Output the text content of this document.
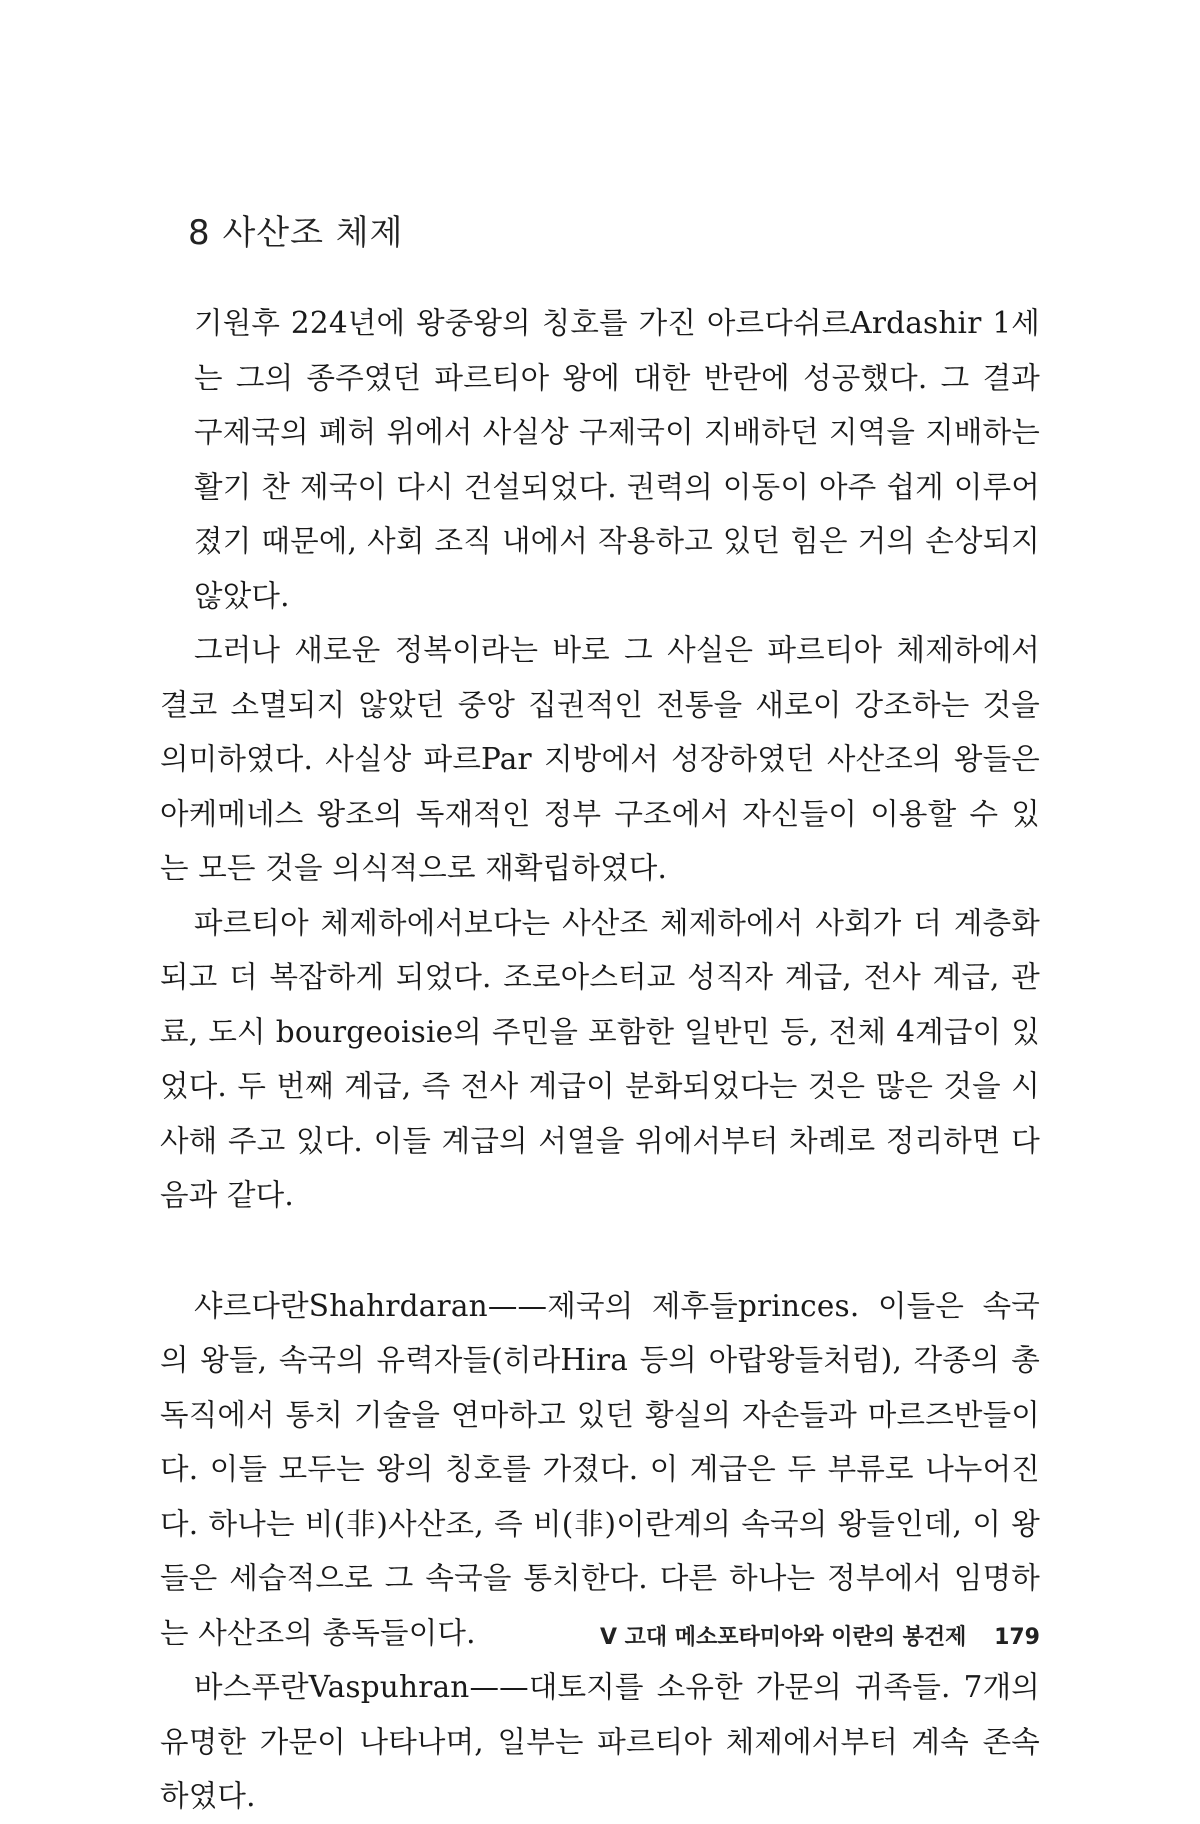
8 사산조 체제

기원후 224년에 왕중왕의 칭호를 가진 아르다쉬르Ardashir 1세는 그의 종주였던 파르티아 왕에 대한 반란에 성공했다. 그 결과 구제국의 폐허 위에서 사실상 구제국이 지배하던 지역을 지배하는 활기 찬 제국이 다시 건설되었다. 권력의 이동이 아주 쉽게 이루어졌기 때문에, 사회 조직 내에서 작용하고 있던 힘은 거의 손상되지 않았다.

그러나 새로운 정복이라는 바로 그 사실은 파르티아 체제하에서 결코 소멸되지 않았던 중앙 집권적인 전통을 새로이 강조하는 것을 의미하였다. 사실상 파르Par 지방에서 성장하였던 사산조의 왕들은 아케메네스 왕조의 독재적인 정부 구조에서 자신들이 이용할 수 있는 모든 것을 의식적으로 재확립하였다.

파르티아 체제하에서보다는 사산조 체제하에서 사회가 더 계층화되고 더 복잡하게 되었다. 조로아스터교 성직자 계급, 전사 계급, 관료, 도시 bourgeoisie의 주민을 포함한 일반민 등, 전체 4계급이 있었다. 두 번째 계급, 즉 전사 계급이 분화되었다는 것은 많은 것을 시사해 주고 있다. 이들 계급의 서열을 위에서부터 차례로 정리하면 다음과 같다.

샤르다란Shahrdaran——제국의 제후들princes. 이들은 속국의 왕들, 속국의 유력자들(히라Hira 등의 아랍왕들처럼), 각종의 총독직에서 통치 기술을 연마하고 있던 황실의 자손들과 마르즈반들이다. 이들 모두는 왕의 칭호를 가졌다. 이 계급은 두 부류로 나누어진다. 하나는 비(非)사산조, 즉 비(非)이란계의 속국의 왕들인데, 이 왕들은 세습적으로 그 속국을 통치한다. 다른 하나는 정부에서 임명하는 사산조의 총독들이다.

바스푸란Vaspuhran——대토지를 소유한 가문의 귀족들. 7개의 유명한 가문이 나타나며, 일부는 파르티아 체제에서부터 계속 존속하였다.

V 고대 메소포타미아와 이란의 봉건제 179
